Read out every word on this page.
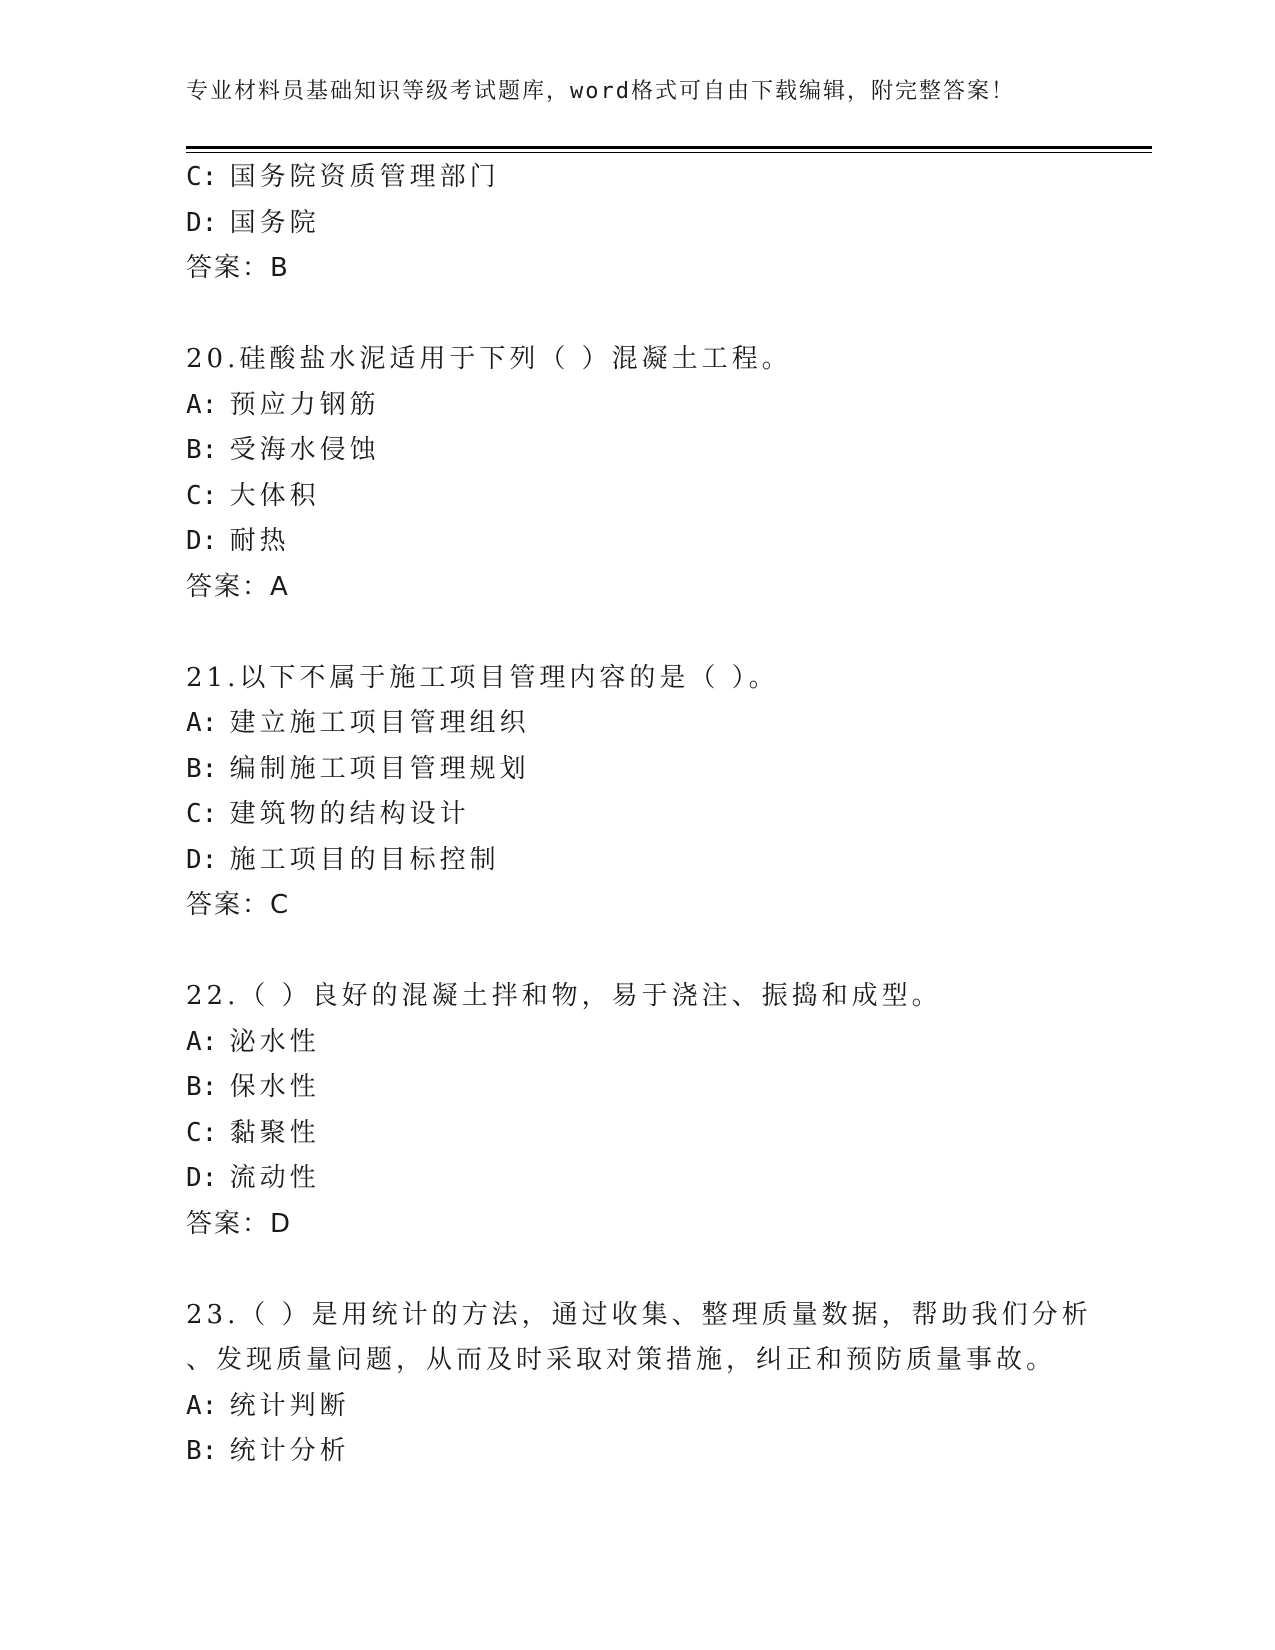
专业材料员基础知识等级考试题库，word格式可自由下载编辑，附完整答案！
C: 国务院资质管理部门
D: 国务院
答案：B
20.硅酸盐水泥适用于下列（ ）混凝土工程。
A: 预应力钢筋
B: 受海水侵蚀
C: 大体积
D: 耐热
答案：A
21.以下不属于施工项目管理内容的是（ ）。
A: 建立施工项目管理组织
B: 编制施工项目管理规划
C: 建筑物的结构设计
D: 施工项目的目标控制
答案：C
22.（ ）良好的混凝土拌和物，易于浇注、振捣和成型。
A: 泌水性
B: 保水性
C: 黏聚性
D: 流动性
答案：D
23.（ ）是用统计的方法，通过收集、整理质量数据，帮助我们分析
、发现质量问题，从而及时采取对策措施，纠正和预防质量事故。
A: 统计判断
B: 统计分析
